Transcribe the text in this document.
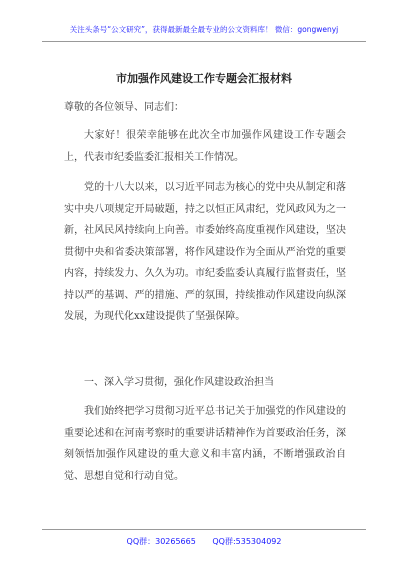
关注头条号“公文研究”，获得最新最全最专业的公文资料库！ 微信：gongwenyj
市加强作风建设工作专题会汇报材料
尊敬的各位领导、同志们：

大家好！很荣幸能够在此次全市加强作风建设工作专题会上，代表市纪委监委汇报相关工作情况。

党的十八大以来，以习近平同志为核心的党中央从制定和落实中央八项规定开局破题，持之以恒正风肃纪，党风政风为之一新，社风民风持续向上向善。市委始终高度重视作风建设，坚决贯彻中央和省委决策部署，将作风建设作为全面从严治党的重要内容，持续发力、久久为功。市纪委监委认真履行监督责任，坚持以严的基调、严的措施、严的氛围，持续推动作风建设向纵深发展，为现代化xx建设提供了坚强保障。

一、深入学习贯彻，强化作风建设政治担当

我们始终把学习贯彻习近平总书记关于加强党的作风建设的重要论述和在河南考察时的重要讲话精神作为首要政治任务，深刻领悟加强作风建设的重大意义和丰富内涵，不断增强政治自觉、思想自觉和行动自觉。

QQ群：30265665 QQ群:535304092
